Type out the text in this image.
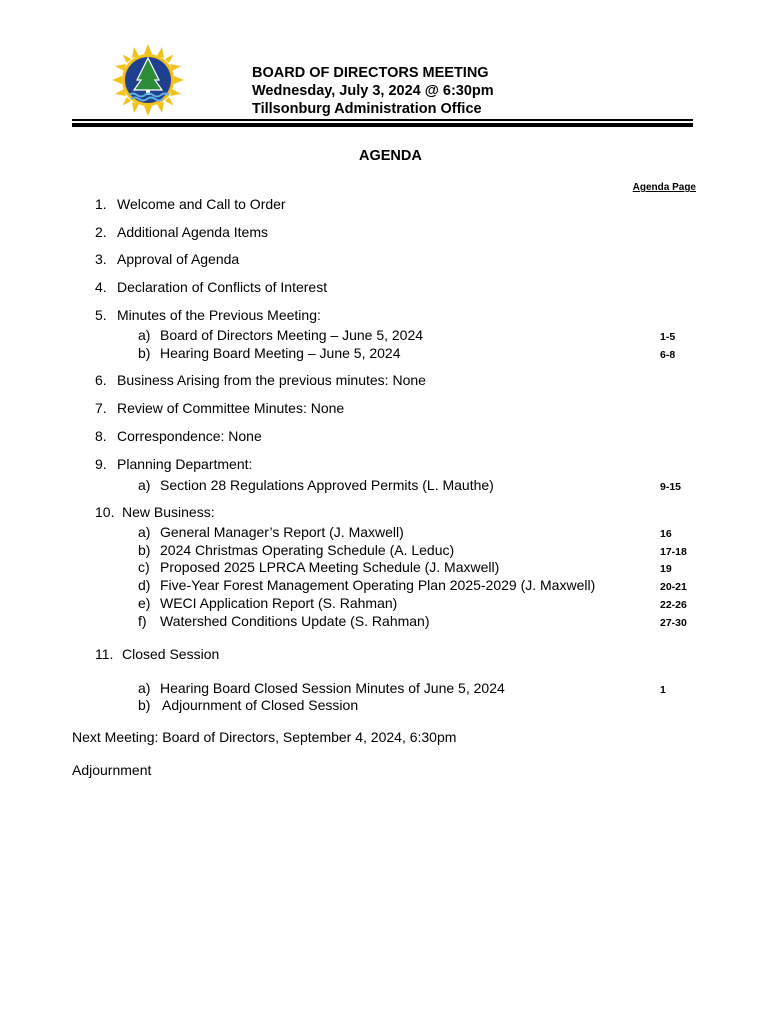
BOARD OF DIRECTORS MEETING
Wednesday, July 3, 2024 @ 6:30pm
Tillsonburg Administration Office
AGENDA
Agenda Page
1. Welcome and Call to Order
2. Additional Agenda Items
3. Approval of Agenda
4. Declaration of Conflicts of Interest
5. Minutes of the Previous Meeting:
a) Board of Directors Meeting – June 5, 2024	1-5
b) Hearing Board Meeting – June 5, 2024	6-8
6. Business Arising from the previous minutes: None
7. Review of Committee Minutes: None
8. Correspondence: None
9. Planning Department:
a) Section 28 Regulations Approved Permits (L. Mauthe)	9-15
10. New Business:
a) General Manager’s Report (J. Maxwell)	16
b) 2024 Christmas Operating Schedule (A. Leduc)	17-18
c) Proposed 2025 LPRCA Meeting Schedule (J. Maxwell)	19
d) Five-Year Forest Management Operating Plan 2025-2029 (J. Maxwell)	20-21
e) WECI Application Report (S. Rahman)	22-26
f) Watershed Conditions Update (S. Rahman)	27-30
11. Closed Session
a) Hearing Board Closed Session Minutes of June 5, 2024	1
b) Adjournment of Closed Session
Next Meeting: Board of Directors, September 4, 2024, 6:30pm
Adjournment
